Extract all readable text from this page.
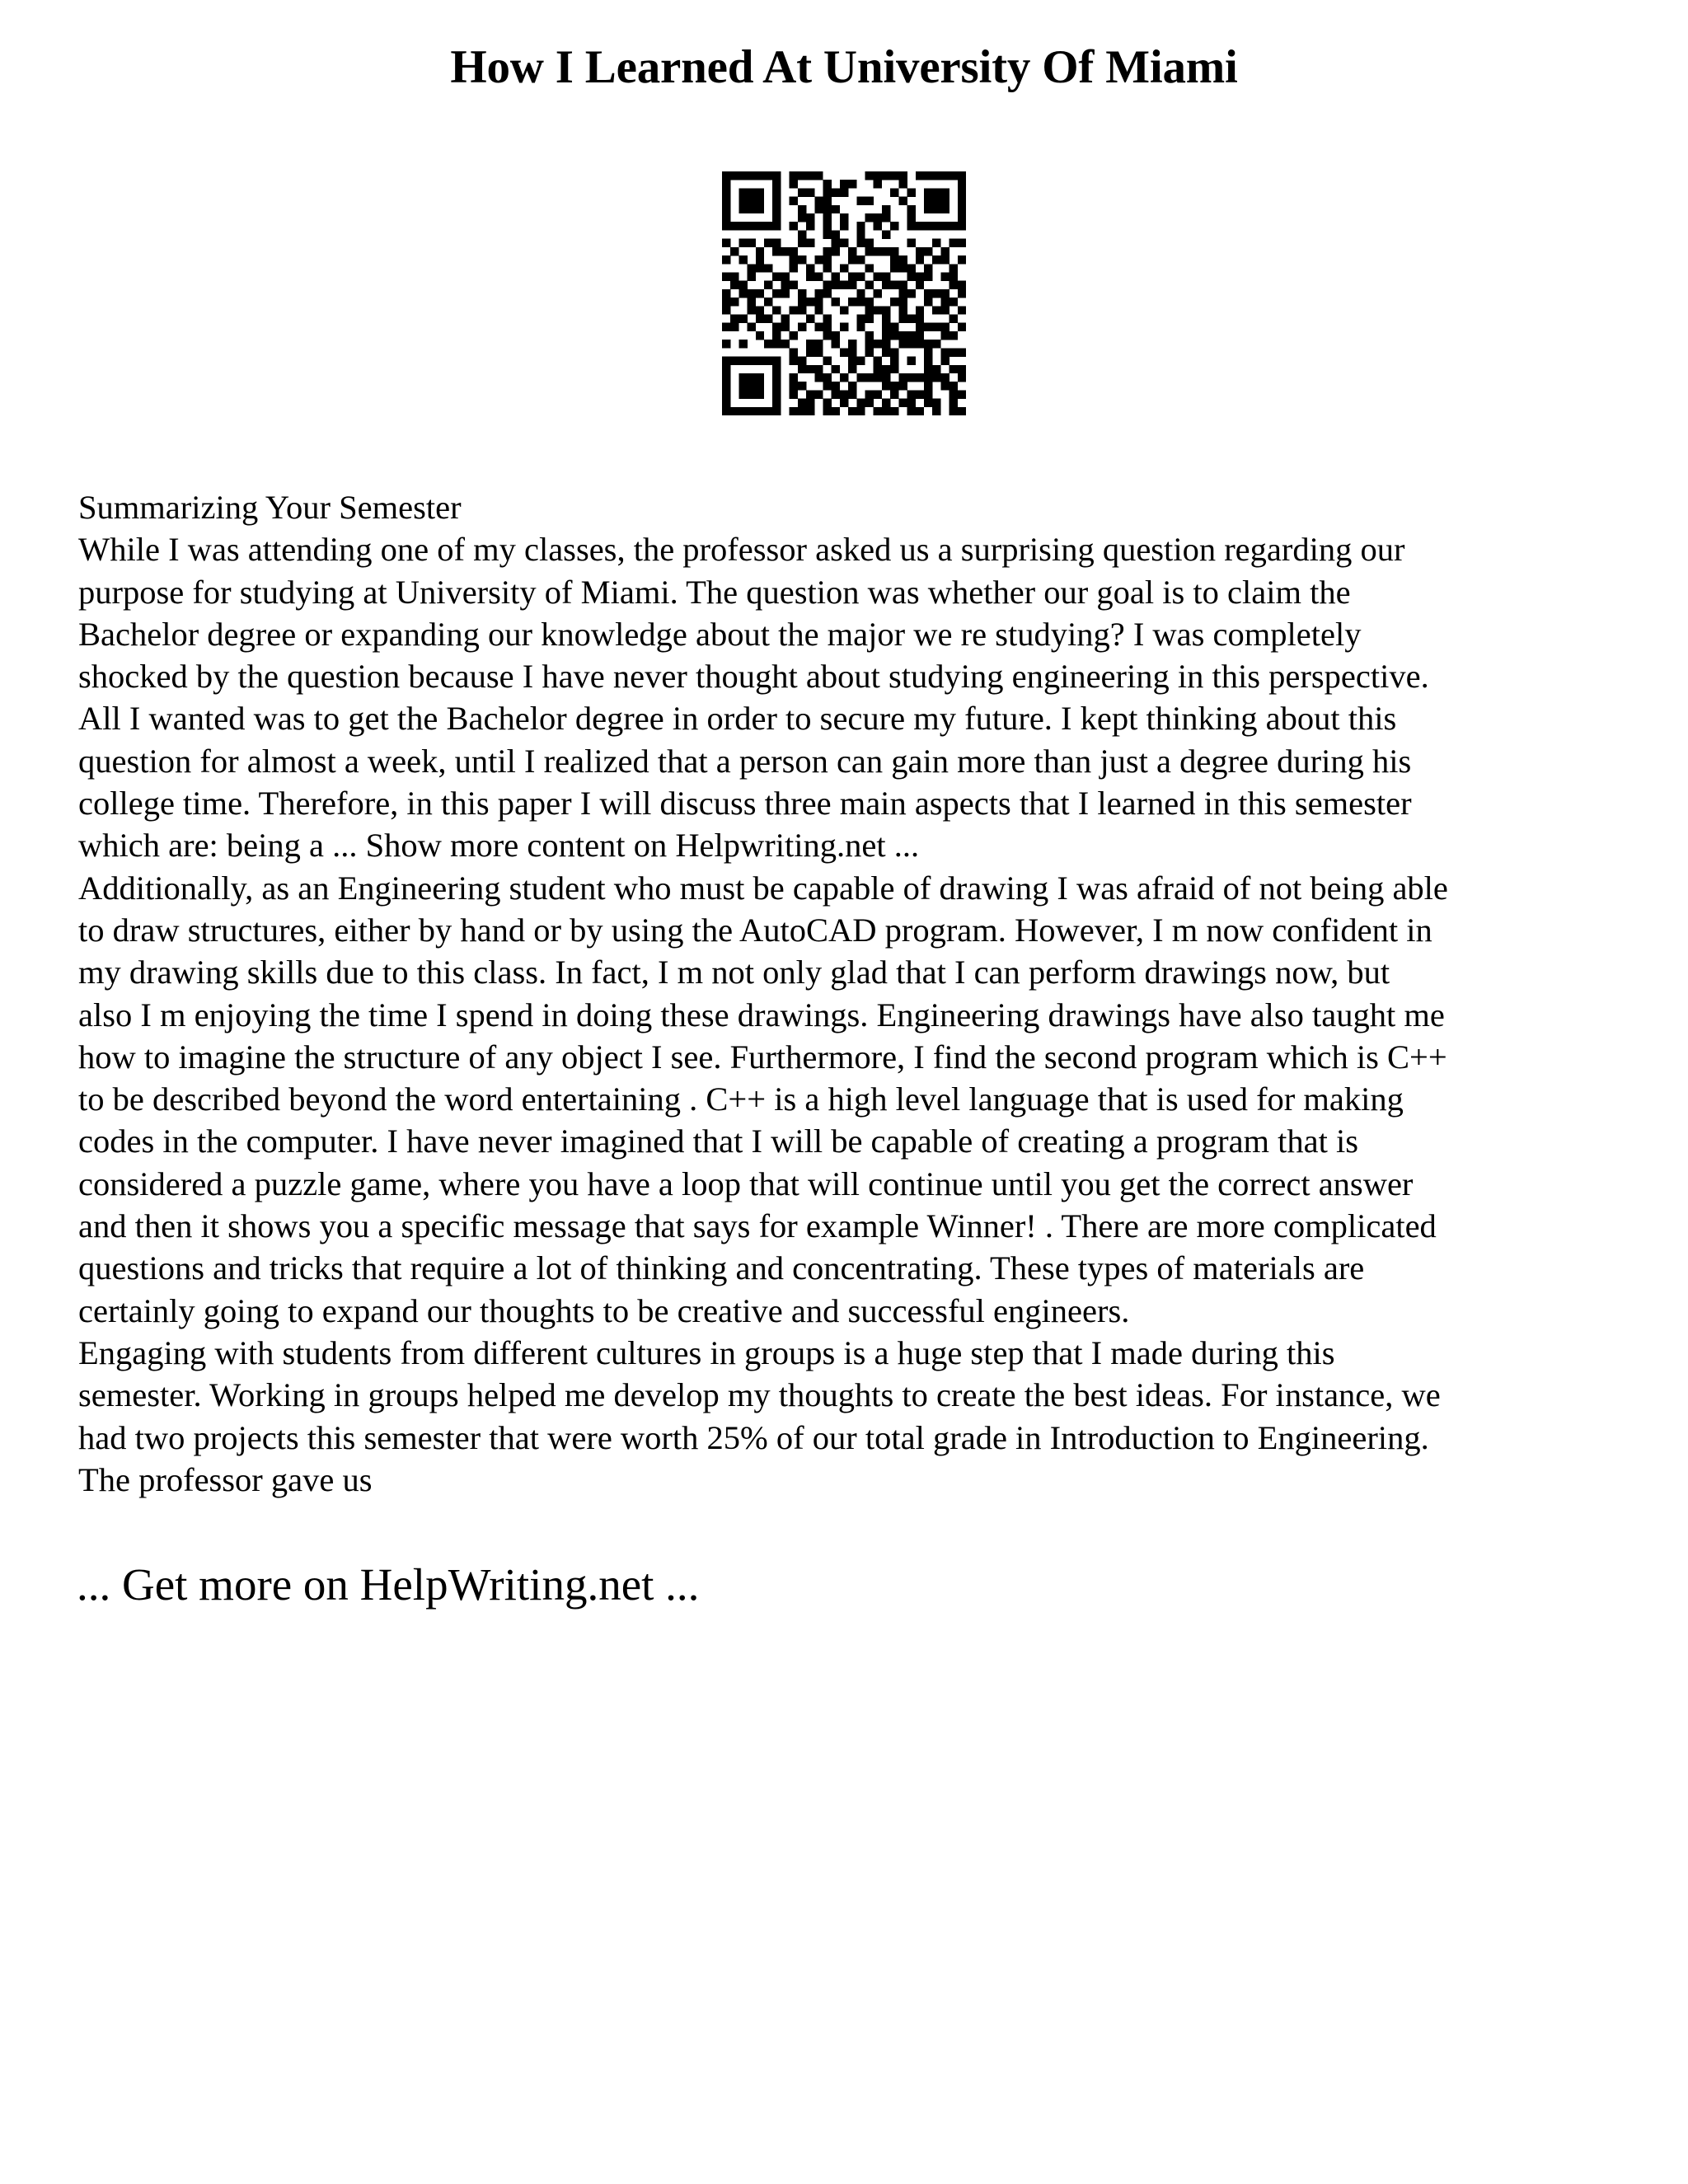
How I Learned At University Of Miami
Summarizing Your Semester
While I was attending one of my classes, the professor asked us a surprising question regarding our
purpose for studying at University of Miami. The question was whether our goal is to claim the
Bachelor degree or expanding our knowledge about the major we re studying? I was completely
shocked by the question because I have never thought about studying engineering in this perspective.
All I wanted was to get the Bachelor degree in order to secure my future. I kept thinking about this
question for almost a week, until I realized that a person can gain more than just a degree during his
college time. Therefore, in this paper I will discuss three main aspects that I learned in this semester
which are: being a ... Show more content on Helpwriting.net ...
Additionally, as an Engineering student who must be capable of drawing I was afraid of not being able
to draw structures, either by hand or by using the AutoCAD program. However, I m now confident in
my drawing skills due to this class. In fact, I m not only glad that I can perform drawings now, but
also I m enjoying the time I spend in doing these drawings. Engineering drawings have also taught me
how to imagine the structure of any object I see. Furthermore, I find the second program which is C++
to be described beyond the word entertaining . C++ is a high level language that is used for making
codes in the computer. I have never imagined that I will be capable of creating a program that is
considered a puzzle game, where you have a loop that will continue until you get the correct answer
and then it shows you a specific message that says for example Winner! . There are more complicated
questions and tricks that require a lot of thinking and concentrating. These types of materials are
certainly going to expand our thoughts to be creative and successful engineers.
Engaging with students from different cultures in groups is a huge step that I made during this
semester. Working in groups helped me develop my thoughts to create the best ideas. For instance, we
had two projects this semester that were worth 25% of our total grade in Introduction to Engineering.
The professor gave us
... Get more on HelpWriting.net ...
